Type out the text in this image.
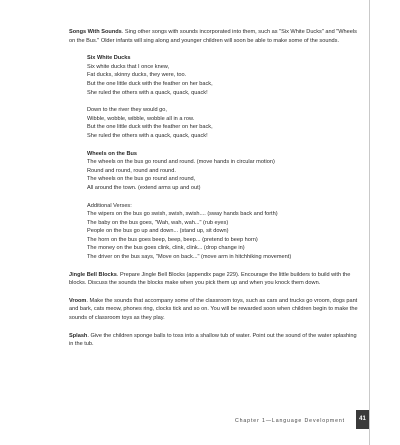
Songs With Sounds. Sing other songs with sounds incorporated into them, such as "Six White Ducks" and "Wheels on the Bus." Older infants will sing along and younger children will soon be able to make some of the sounds.

Six White Ducks

Six white ducks that I once knew,
Fat ducks, skinny ducks, they were, too.
But the one little duck with the feather on her back,
She ruled the others with a quack, quack, quack!

Down to the river they would go,
Wibble, wobble, wibble, wobble all in a row.
But the one little duck with the feather on her back,
She ruled the others with a quack, quack, quack!

Wheels on the Bus

The wheels on the bus go round and round. (move hands in circular motion)
Round and round, round and round.
The wheels on the bus go round and round,
All around the town. (extend arms up and out)

Additional Verses:
The wipers on the bus go swish, swish, swish.... (sway hands back and forth)
The baby on the bus goes, "Wah, wah, wah..." (rub eyes)
People on the bus go up and down... (stand up, sit down)
The horn on the bus goes beep, beep, beep... (pretend to beep horn)
The money on the bus goes clink, clink, clink... (drop change in)
The driver on the bus says, "Move on back..." (move arm in hitchhiking movement)

Jingle Bell Blocks. Prepare Jingle Bell Blocks (appendix page 229). Encourage the little builders to build with the blocks. Discuss the sounds the blocks make when you pick them up and when you knock them down.

Vroom. Make the sounds that accompany some of the classroom toys, such as cars and trucks go vroom, dogs pant and bark, cats meow, phones ring, clocks tick and so on. You will be rewarded soon when children begin to make the sounds of classroom toys as they play.

Splash. Give the children sponge balls to toss into a shallow tub of water. Point out the sound of the water splashing in the tub.

Chapter 1—Language Development	41
